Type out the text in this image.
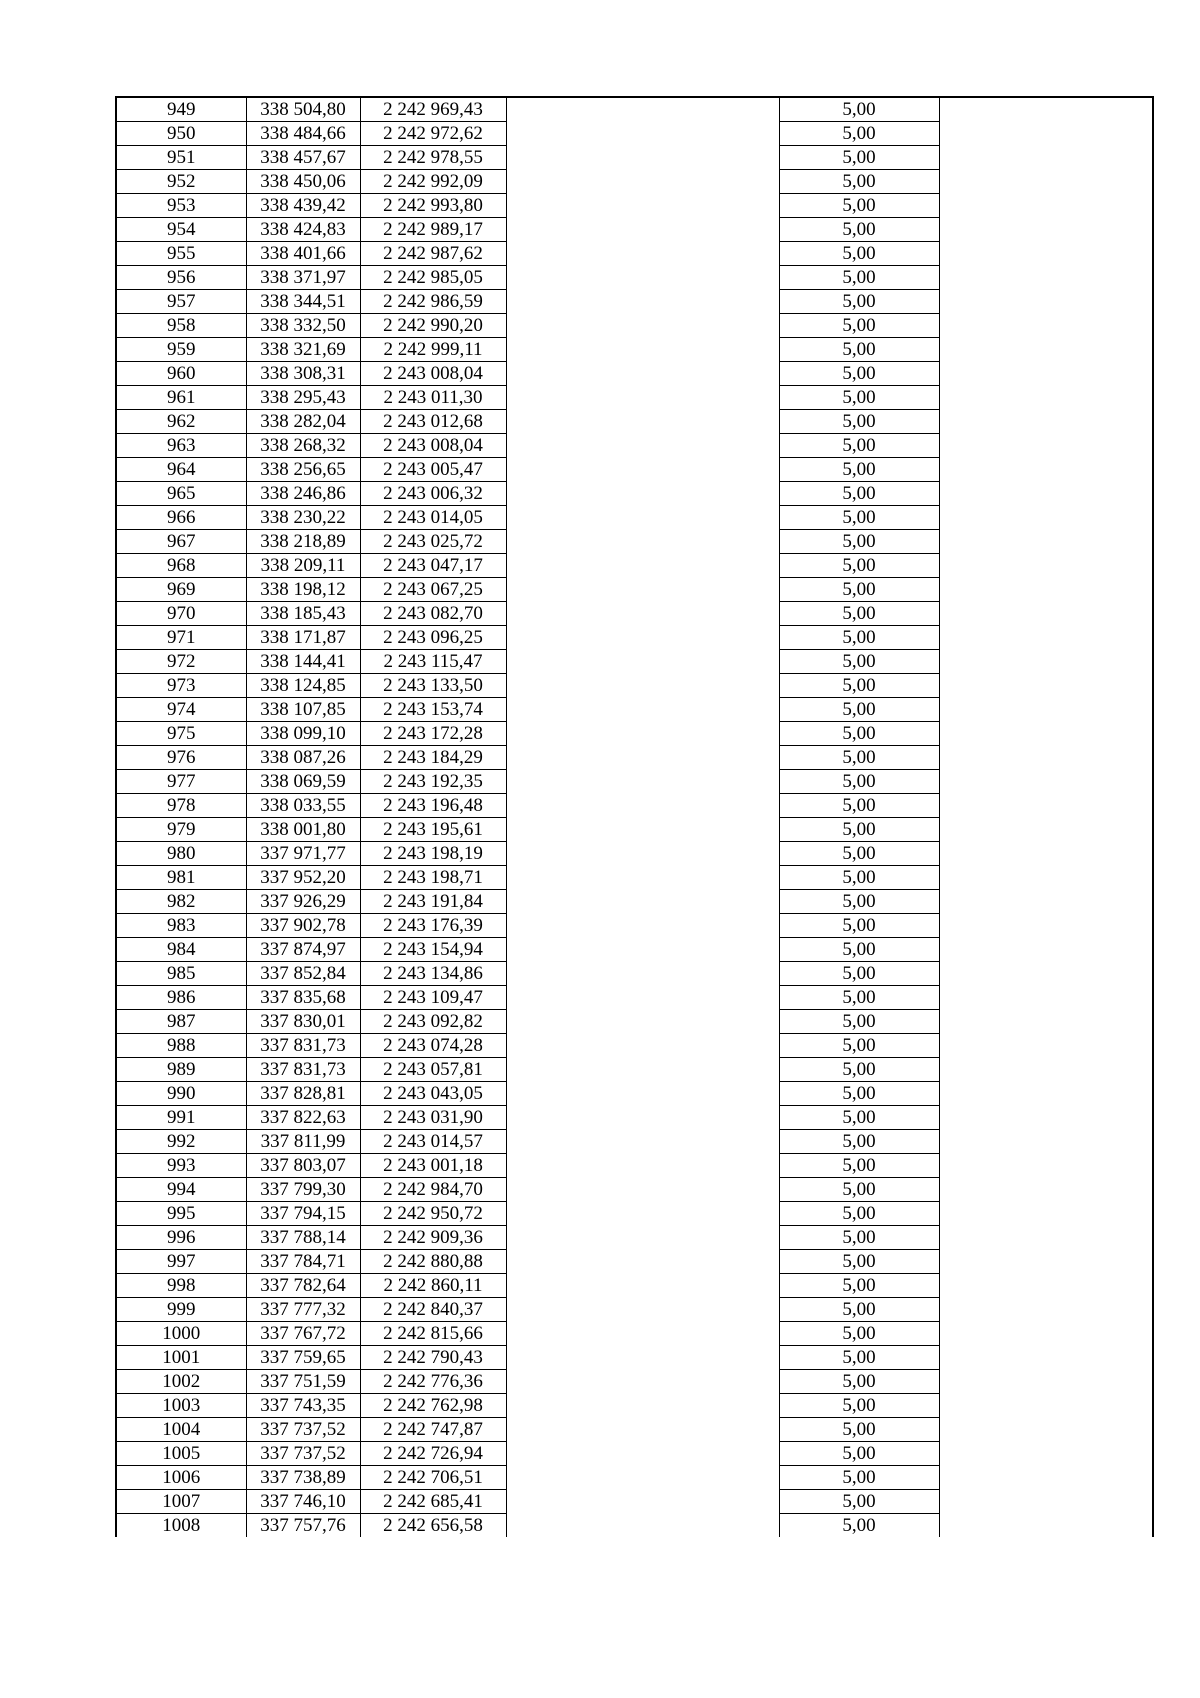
949	338 504,80	2 242 969,43		5,00	
950	338 484,66	2 242 972,62		5,00	
951	338 457,67	2 242 978,55		5,00	
952	338 450,06	2 242 992,09		5,00	
953	338 439,42	2 242 993,80		5,00	
954	338 424,83	2 242 989,17		5,00	
955	338 401,66	2 242 987,62		5,00	
956	338 371,97	2 242 985,05		5,00	
957	338 344,51	2 242 986,59		5,00	
958	338 332,50	2 242 990,20		5,00	
959	338 321,69	2 242 999,11		5,00	
960	338 308,31	2 243 008,04		5,00	
961	338 295,43	2 243 011,30		5,00	
962	338 282,04	2 243 012,68		5,00	
963	338 268,32	2 243 008,04		5,00	
964	338 256,65	2 243 005,47		5,00	
965	338 246,86	2 243 006,32		5,00	
966	338 230,22	2 243 014,05		5,00	
967	338 218,89	2 243 025,72		5,00	
968	338 209,11	2 243 047,17		5,00	
969	338 198,12	2 243 067,25		5,00	
970	338 185,43	2 243 082,70		5,00	
971	338 171,87	2 243 096,25		5,00	
972	338 144,41	2 243 115,47		5,00	
973	338 124,85	2 243 133,50		5,00	
974	338 107,85	2 243 153,74		5,00	
975	338 099,10	2 243 172,28		5,00	
976	338 087,26	2 243 184,29		5,00	
977	338 069,59	2 243 192,35		5,00	
978	338 033,55	2 243 196,48		5,00	
979	338 001,80	2 243 195,61		5,00	
980	337 971,77	2 243 198,19		5,00	
981	337 952,20	2 243 198,71		5,00	
982	337 926,29	2 243 191,84		5,00	
983	337 902,78	2 243 176,39		5,00	
984	337 874,97	2 243 154,94		5,00	
985	337 852,84	2 243 134,86		5,00	
986	337 835,68	2 243 109,47		5,00	
987	337 830,01	2 243 092,82		5,00	
988	337 831,73	2 243 074,28		5,00	
989	337 831,73	2 243 057,81		5,00	
990	337 828,81	2 243 043,05		5,00	
991	337 822,63	2 243 031,90		5,00	
992	337 811,99	2 243 014,57		5,00	
993	337 803,07	2 243 001,18		5,00	
994	337 799,30	2 242 984,70		5,00	
995	337 794,15	2 242 950,72		5,00	
996	337 788,14	2 242 909,36		5,00	
997	337 784,71	2 242 880,88		5,00	
998	337 782,64	2 242 860,11		5,00	
999	337 777,32	2 242 840,37		5,00	
1000	337 767,72	2 242 815,66		5,00	
1001	337 759,65	2 242 790,43		5,00	
1002	337 751,59	2 242 776,36		5,00	
1003	337 743,35	2 242 762,98		5,00	
1004	337 737,52	2 242 747,87		5,00	
1005	337 737,52	2 242 726,94		5,00	
1006	337 738,89	2 242 706,51		5,00	
1007	337 746,10	2 242 685,41		5,00	
1008	337 757,76	2 242 656,58		5,00	
